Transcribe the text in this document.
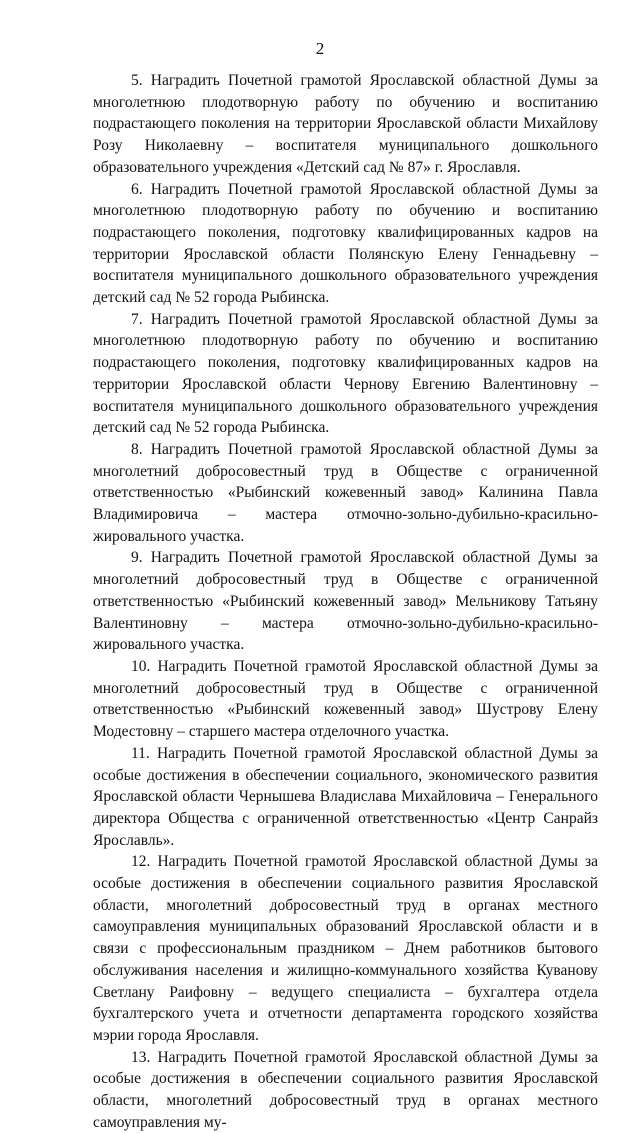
2

5. Наградить Почетной грамотой Ярославской областной Думы за многолетнюю плодотворную работу по обучению и воспитанию подрастающего поколения на территории Ярославской области Михайлову Розу Николаевну – воспитателя муниципального дошкольного образовательного учреждения «Детский сад № 87» г. Ярославля.

6. Наградить Почетной грамотой Ярославской областной Думы за многолетнюю плодотворную работу по обучению и воспитанию подрастающего поколения, подготовку квалифицированных кадров на территории Ярославской области Полянскую Елену Геннадьевну – воспитателя муниципального дошкольного образовательного учреждения детский сад № 52 города Рыбинска.

7. Наградить Почетной грамотой Ярославской областной Думы за многолетнюю плодотворную работу по обучению и воспитанию подрастающего поколения, подготовку квалифицированных кадров на территории Ярославской области Чернову Евгению Валентиновну – воспитателя муниципального дошкольного образовательного учреждения детский сад № 52 города Рыбинска.

8. Наградить Почетной грамотой Ярославской областной Думы за многолетний добросовестный труд в Обществе с ограниченной ответственностью «Рыбинский кожевенный завод» Калинина Павла Владимировича – мастера отмочно-зольно-дубильно-красильно-жировального участка.

9. Наградить Почетной грамотой Ярославской областной Думы за многолетний добросовестный труд в Обществе с ограниченной ответственностью «Рыбинский кожевенный завод» Мельникову Татьяну Валентиновну – мастера отмочно-зольно-дубильно-красильно-жировального участка.

10. Наградить Почетной грамотой Ярославской областной Думы за многолетний добросовестный труд в Обществе с ограниченной ответственностью «Рыбинский кожевенный завод» Шустрову Елену Модестовну – старшего мастера отделочного участка.

11. Наградить Почетной грамотой Ярославской областной Думы за особые достижения в обеспечении социального, экономического развития Ярославской области Чернышева Владислава Михайловича – Генерального директора Общества с ограниченной ответственностью «Центр Санрайз Ярославль».

12. Наградить Почетной грамотой Ярославской областной Думы за особые достижения в обеспечении социального развития Ярославской области, многолетний добросовестный труд в органах местного самоуправления муниципальных образований Ярославской области и в связи с профессиональным праздником – Днем работников бытового обслуживания населения и жилищно-коммунального хозяйства Куванову Светлану Раифовну – ведущего специалиста – бухгалтера отдела бухгалтерского учета и отчетности департамента городского хозяйства мэрии города Ярославля.

13. Наградить Почетной грамотой Ярославской областной Думы за особые достижения в обеспечении социального развития Ярославской области, многолетний добросовестный труд в органах местного самоуправления му-
